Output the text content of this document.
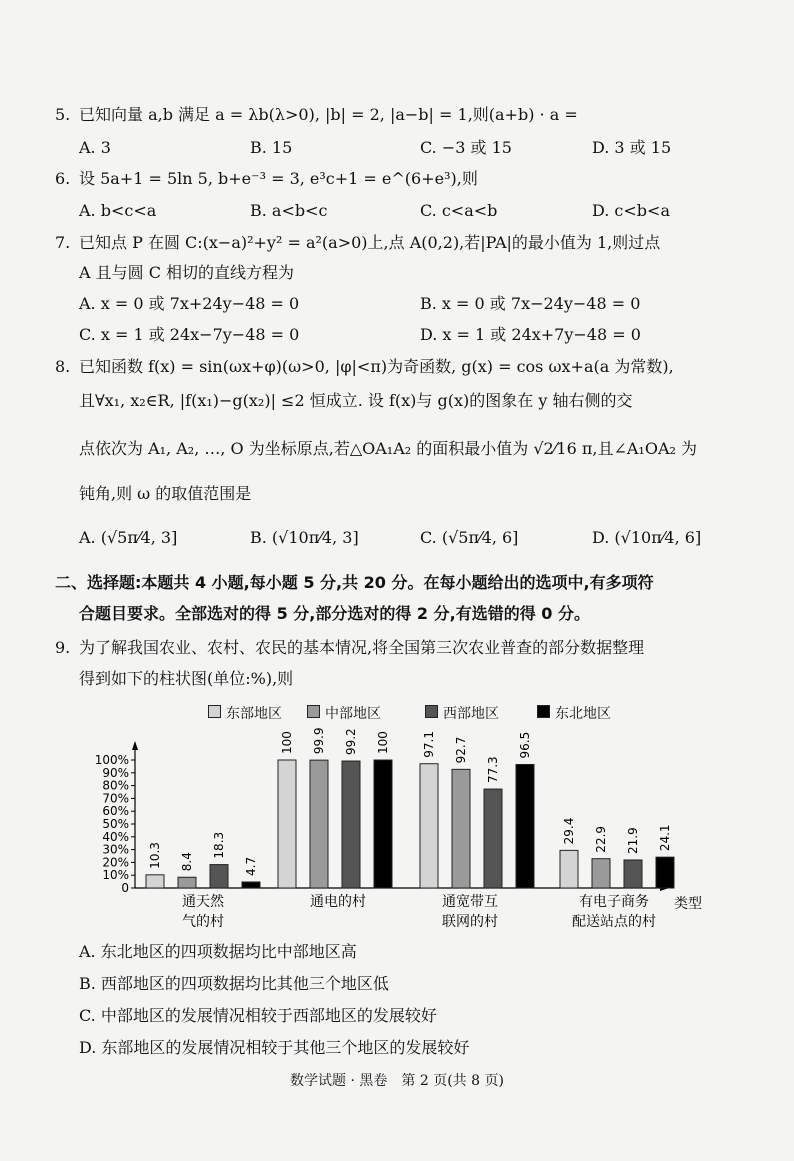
5. 已知向量 a,b 满足 a = λb(λ>0), |b| = 2, |a−b| = 1,则(a+b) · a =
A. 3	B. 15	C. −3 或 15	D. 3 或 15
6. 设 5a+1 = 5ln 5, b+e⁻³ = 3, e³c+1 = e^(6+e³),则
A. b<c<a	B. a<b<c	C. c<a<b	D. c<b<a
7. 已知点 P 在圆 C:(x−a)²+y² = a²(a>0)上,点 A(0,2),若|PA|的最小值为 1,则过点
A 且与圆 C 相切的直线方程为
A. x = 0 或 7x+24y−48 = 0	B. x = 0 或 7x−24y−48 = 0
C. x = 1 或 24x−7y−48 = 0	D. x = 1 或 24x+7y−48 = 0
8. 已知函数 f(x) = sin(ωx+φ)(ω>0, |φ|<π)为奇函数, g(x) = cos ωx+a(a 为常数),
且∀x₁, x₂∈R, |f(x₁)−g(x₂)| ≤2 恒成立. 设 f(x)与 g(x)的图象在 y 轴右侧的交
点依次为 A₁, A₂, …, O 为坐标原点,若△OA₁A₂ 的面积最小值为 √2⁄16 π,且∠A₁OA₂ 为
钝角,则 ω 的取值范围是
A. (√5π⁄4, 3]	B. (√10π⁄4, 3]	C. (√5π⁄4, 6]	D. (√10π⁄4, 6]
二、选择题:本题共 4 小题,每小题 5 分,共 20 分。在每小题给出的选项中,有多项符
合题目要求。全部选对的得 5 分,部分选对的得 2 分,有选错的得 0 分。
9. 为了解我国农业、农村、农民的基本情况,将全国第三次农业普查的部分数据整理
得到如下的柱状图(单位:%),则
东部地区	中部地区	西部地区	东北地区
类型
0
10%
20%
30%
40%
50%
60%
70%
80%
90%
100%
10.3
100	97.1
29.4
8.4
99.9	92.7
22.9
18.3
99.2
77.3
21.9
4.7
100	96.5
24.1
通天然
气的村
通电的村	通宽带互
联网的村
有电子商务
配送站点的村
A. 东北地区的四项数据均比中部地区高
B. 西部地区的四项数据均比其他三个地区低
C. 中部地区的发展情况相较于西部地区的发展较好
D. 东部地区的发展情况相较于其他三个地区的发展较好
数学试题 · 黑卷　第 2 页(共 8 页)
